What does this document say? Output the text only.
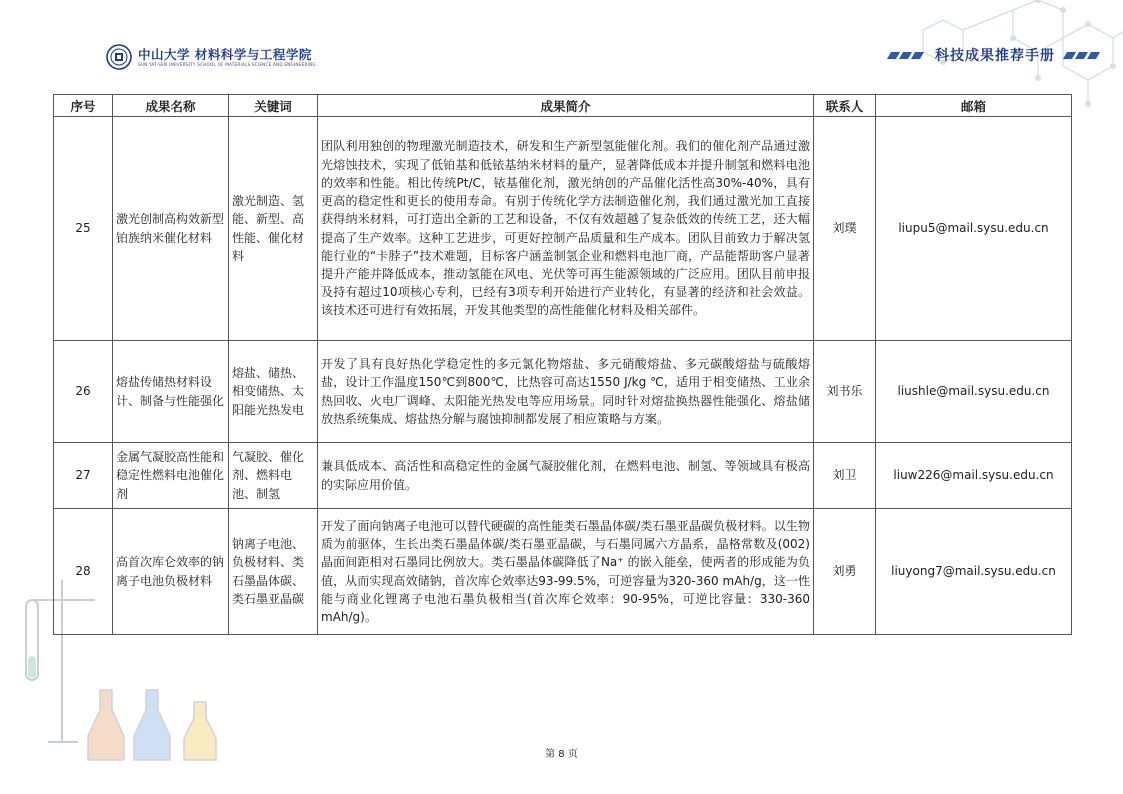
中山大学 材料科学与工程学院
SUN YAT-SEN UNIVERSITY SCHOOL OF MATERIALS SCIENCE AND ENGINEERING	科技成果推荐手册
序号	成果名称	关键词	成果简介	联系人	邮箱
25	激光创制高构效新型铂族纳米催化材料	激光制造、氢能、新型、高性能、催化材料	团队利用独创的物理激光制造技术，研发和生产新型氢能催化剂。我们的催化剂产品通过激光熔蚀技术，实现了低铂基和低铱基纳米材料的量产，显著降低成本并提升制氢和燃料电池的效率和性能。相比传统Pt/C，铱基催化剂，激光纳创的产品催化活性高30%-40%，具有更高的稳定性和更长的使用寿命。有别于传统化学方法制造催化剂，我们通过激光加工直接获得纳米材料，可打造出全新的工艺和设备，不仅有效超越了复杂低效的传统工艺，还大幅提高了生产效率。这种工艺进步，可更好控制产品质量和生产成本。团队目前致力于解决氢能行业的“卡脖子”技术难题，目标客户涵盖制氢企业和燃料电池厂商，产品能帮助客户显著提升产能并降低成本，推动氢能在风电、光伏等可再生能源领域的广泛应用。团队目前申报及持有超过10项核心专利，已经有3项专利开始进行产业转化，有显著的经济和社会效益。该技术还可进行有效拓展，开发其他类型的高性能催化材料及相关部件。	刘璞	liupu5@mail.sysu.edu.cn
26	熔盐传储热材料设计、制备与性能强化	熔盐、储热、相变储热、太阳能光热发电	开发了具有良好热化学稳定性的多元氯化物熔盐、多元硝酸熔盐、多元碳酸熔盐与硫酸熔盐，设计工作温度150℃到800℃，比热容可高达1550 J/kg ℃，适用于相变储热、工业余热回收、火电厂调峰、太阳能光热发电等应用场景。同时针对熔盐换热器性能强化、熔盐储放热系统集成、熔盐热分解与腐蚀抑制都发展了相应策略与方案。	刘书乐	liushle@mail.sysu.edu.cn
27	金属气凝胶高性能和稳定性燃料电池催化剂	气凝胶、催化剂、燃料电池、制氢	兼具低成本、高活性和高稳定性的金属气凝胶催化剂，在燃料电池、制氢、等领域具有极高的实际应用价值。	刘卫	liuw226@mail.sysu.edu.cn
28	高首次库仑效率的钠离子电池负极材料	钠离子电池、负极材料、类石墨晶体碳、类石墨亚晶碳	开发了面向钠离子电池可以替代硬碳的高性能类石墨晶体碳/类石墨亚晶碳负极材料。以生物质为前驱体，生长出类石墨晶体碳/类石墨亚晶碳，与石墨同属六方晶系，晶格常数及(002)晶面间距相对石墨同比例放大。类石墨晶体碳降低了Na⁺ 的嵌入能垒，使两者的形成能为负值，从而实现高效储钠，首次库仑效率达93-99.5%，可逆容量为320-360 mAh/g，这一性能与商业化锂离子电池石墨负极相当(首次库仑效率：90-95%，可逆比容量：330-360 mAh/g)。	刘勇	liuyong7@mail.sysu.edu.cn
第 8 页
